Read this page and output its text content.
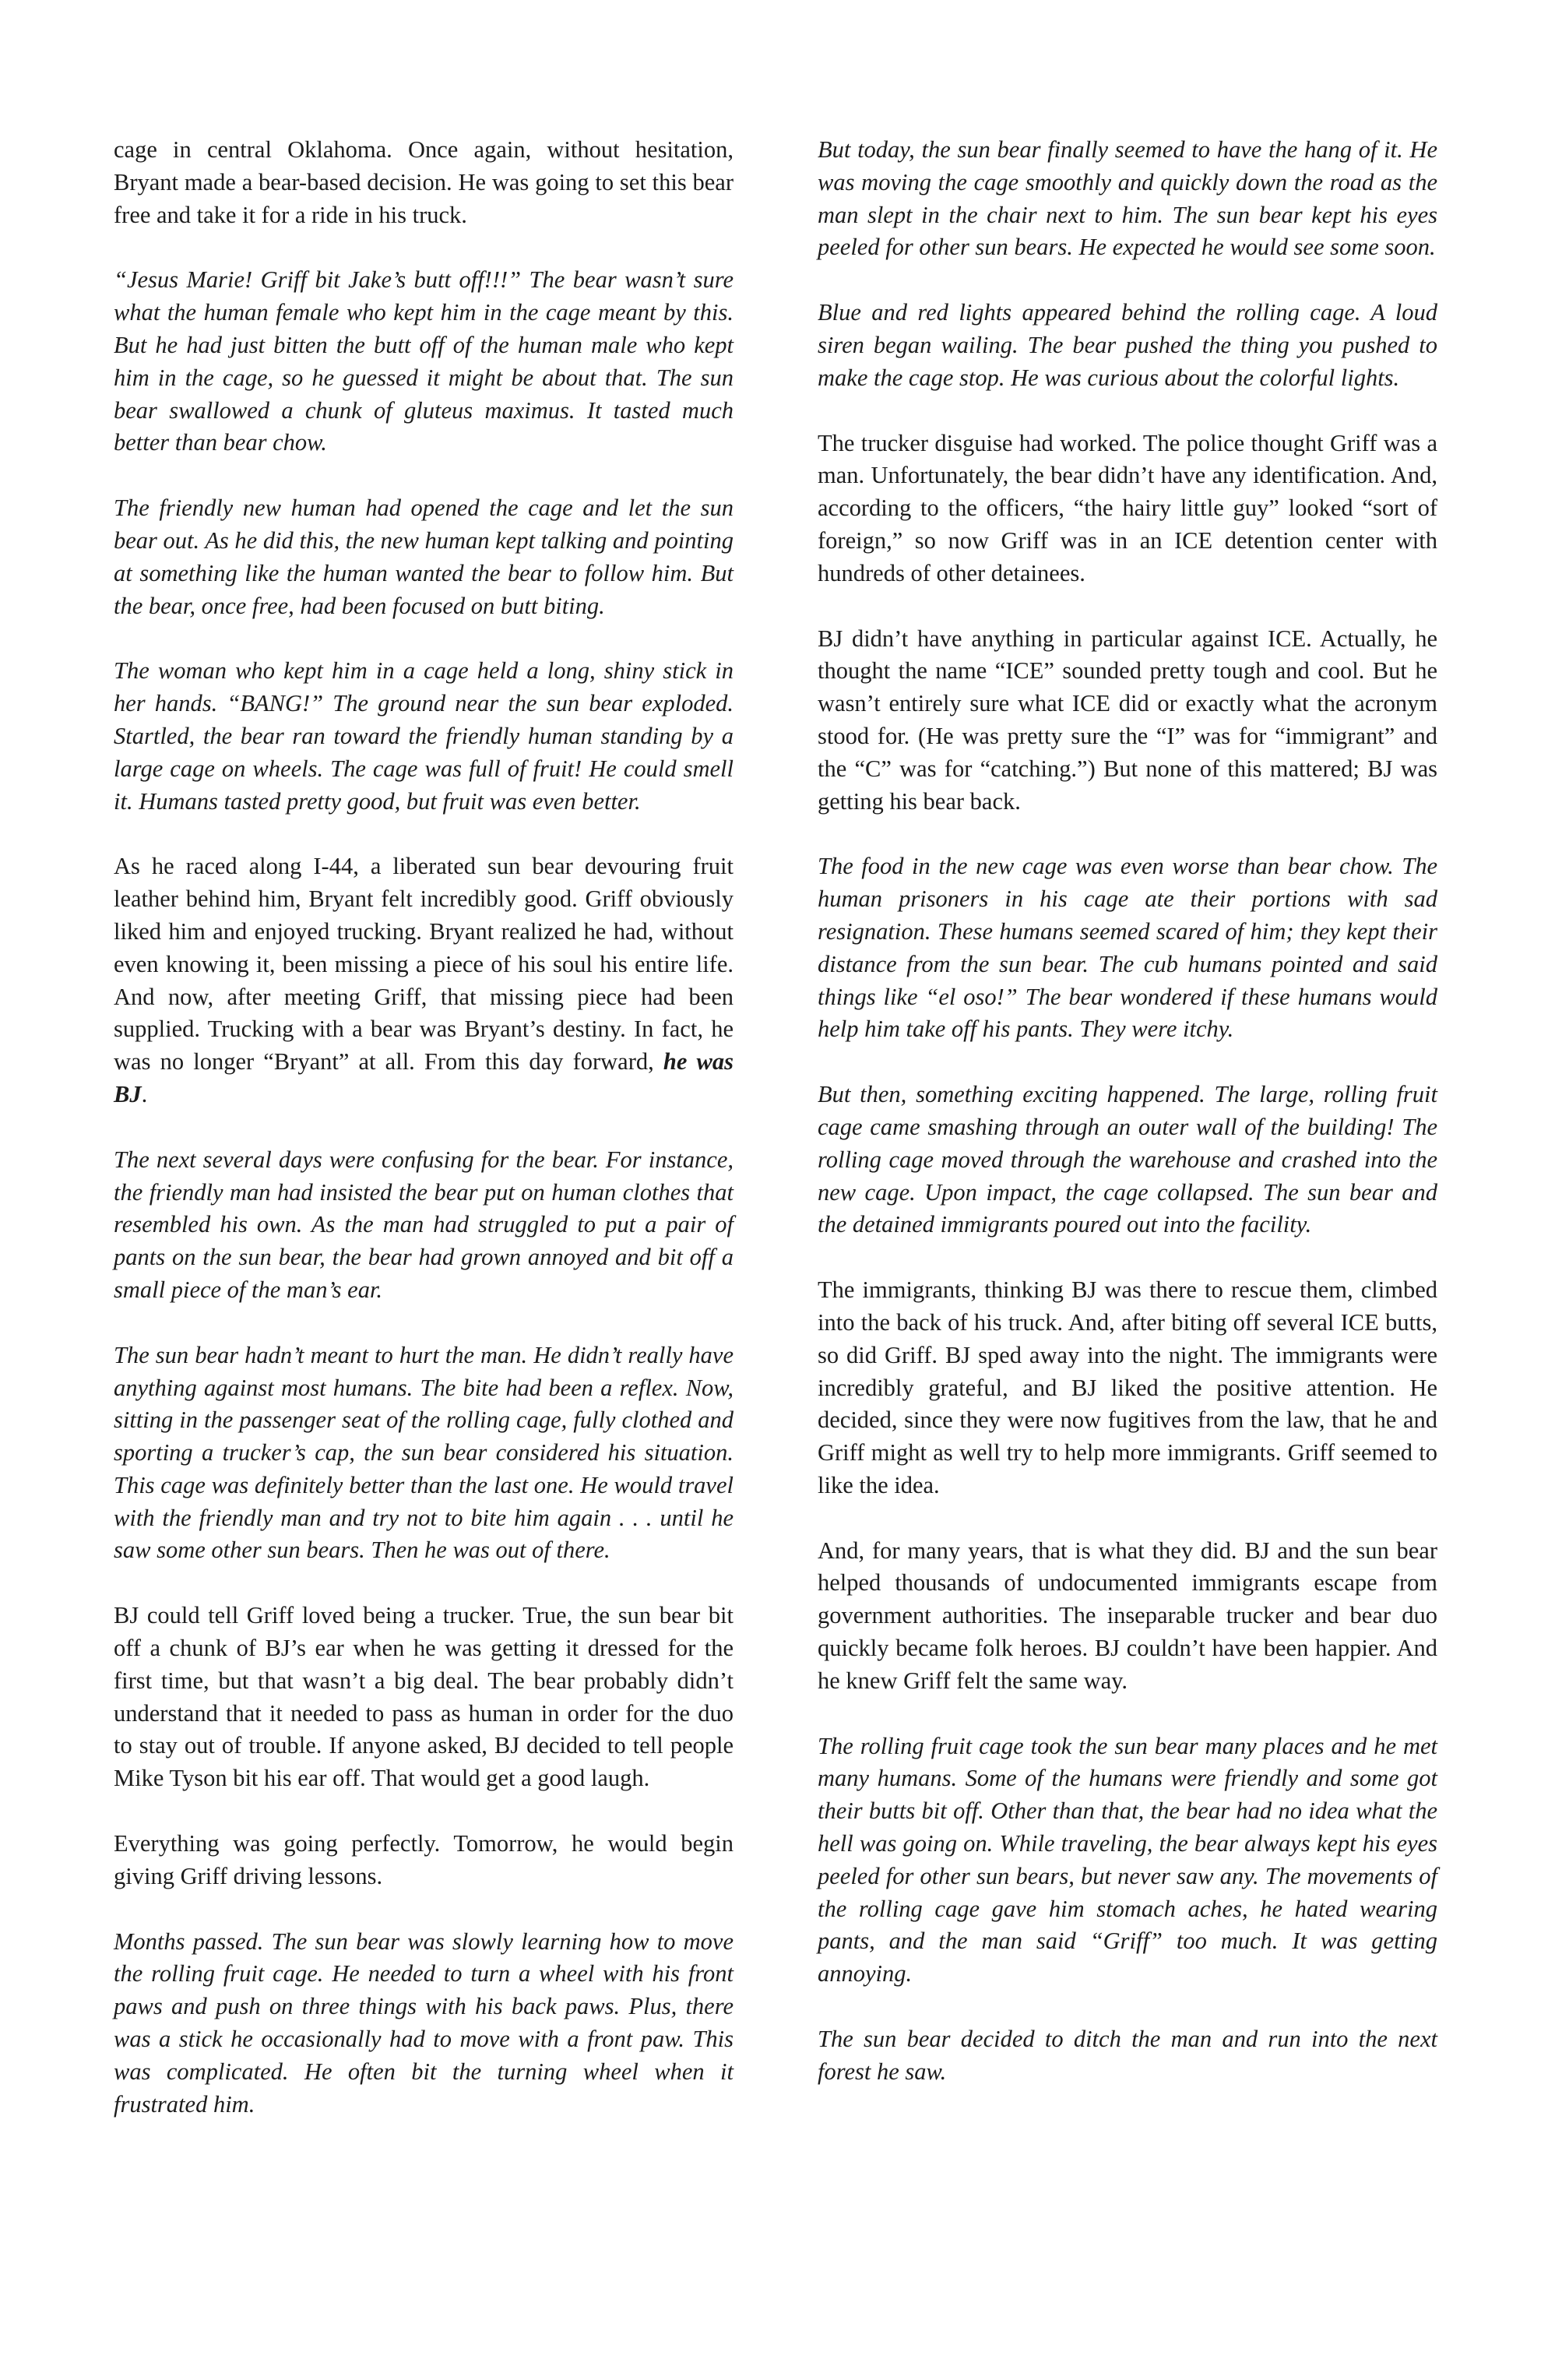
cage in central Oklahoma. Once again, without hesitation, Bryant made a bear-based decision. He was going to set this bear free and take it for a ride in his truck.

“Jesus Marie! Griff bit Jake’s butt off!!!” The bear wasn’t sure what the human female who kept him in the cage meant by this. But he had just bitten the butt off of the human male who kept him in the cage, so he guessed it might be about that. The sun bear swallowed a chunk of gluteus maximus. It tasted much better than bear chow.

The friendly new human had opened the cage and let the sun bear out. As he did this, the new human kept talking and pointing at something like the human wanted the bear to follow him. But the bear, once free, had been focused on butt biting.

The woman who kept him in a cage held a long, shiny stick in her hands. “BANG!” The ground near the sun bear exploded. Startled, the bear ran toward the friendly human standing by a large cage on wheels. The cage was full of fruit! He could smell it. Humans tasted pretty good, but fruit was even better.

As he raced along I-44, a liberated sun bear devouring fruit leather behind him, Bryant felt incredibly good. Griff obviously liked him and enjoyed trucking. Bryant realized he had, without even knowing it, been missing a piece of his soul his entire life. And now, after meeting Griff, that missing piece had been supplied. Trucking with a bear was Bryant’s destiny. In fact, he was no longer “Bryant” at all. From this day forward, he was BJ.

The next several days were confusing for the bear. For instance, the friendly man had insisted the bear put on human clothes that resembled his own. As the man had struggled to put a pair of pants on the sun bear, the bear had grown annoyed and bit off a small piece of the man’s ear.

The sun bear hadn’t meant to hurt the man. He didn’t really have anything against most humans. The bite had been a reflex. Now, sitting in the passenger seat of the rolling cage, fully clothed and sporting a trucker’s cap, the sun bear considered his situation. This cage was definitely better than the last one. He would travel with the friendly man and try not to bite him again . . . until he saw some other sun bears. Then he was out of there.

BJ could tell Griff loved being a trucker. True, the sun bear bit off a chunk of BJ’s ear when he was getting it dressed for the first time, but that wasn’t a big deal. The bear probably didn’t understand that it needed to pass as human in order for the duo to stay out of trouble. If anyone asked, BJ decided to tell people Mike Tyson bit his ear off. That would get a good laugh.

Everything was going perfectly. Tomorrow, he would begin giving Griff driving lessons.

Months passed. The sun bear was slowly learning how to move the rolling fruit cage. He needed to turn a wheel with his front paws and push on three things with his back paws. Plus, there was a stick he occasionally had to move with a front paw. This was complicated. He often bit the turning wheel when it frustrated him.

But today, the sun bear finally seemed to have the hang of it. He was moving the cage smoothly and quickly down the road as the man slept in the chair next to him. The sun bear kept his eyes peeled for other sun bears. He expected he would see some soon.

Blue and red lights appeared behind the rolling cage. A loud siren began wailing. The bear pushed the thing you pushed to make the cage stop. He was curious about the colorful lights.

The trucker disguise had worked. The police thought Griff was a man. Unfortunately, the bear didn’t have any identification. And, according to the officers, “the hairy little guy” looked “sort of foreign,” so now Griff was in an ICE detention center with hundreds of other detainees.

BJ didn’t have anything in particular against ICE. Actually, he thought the name “ICE” sounded pretty tough and cool. But he wasn’t entirely sure what ICE did or exactly what the acronym stood for. (He was pretty sure the “I” was for “immigrant” and the “C” was for “catching.”) But none of this mattered; BJ was getting his bear back.

The food in the new cage was even worse than bear chow. The human prisoners in his cage ate their portions with sad resignation. These humans seemed scared of him; they kept their distance from the sun bear. The cub humans pointed and said things like “el oso!” The bear wondered if these humans would help him take off his pants. They were itchy.

But then, something exciting happened. The large, rolling fruit cage came smashing through an outer wall of the building! The rolling cage moved through the warehouse and crashed into the new cage. Upon impact, the cage collapsed. The sun bear and the detained immigrants poured out into the facility.

The immigrants, thinking BJ was there to rescue them, climbed into the back of his truck. And, after biting off several ICE butts, so did Griff. BJ sped away into the night. The immigrants were incredibly grateful, and BJ liked the positive attention. He decided, since they were now fugitives from the law, that he and Griff might as well try to help more immigrants. Griff seemed to like the idea.

And, for many years, that is what they did. BJ and the sun bear helped thousands of undocumented immigrants escape from government authorities. The inseparable trucker and bear duo quickly became folk heroes. BJ couldn’t have been happier. And he knew Griff felt the same way.

The rolling fruit cage took the sun bear many places and he met many humans. Some of the humans were friendly and some got their butts bit off. Other than that, the bear had no idea what the hell was going on. While traveling, the bear always kept his eyes peeled for other sun bears, but never saw any. The movements of the rolling cage gave him stomach aches, he hated wearing pants, and the man said “Griff” too much. It was getting annoying.

The sun bear decided to ditch the man and run into the next forest he saw.
